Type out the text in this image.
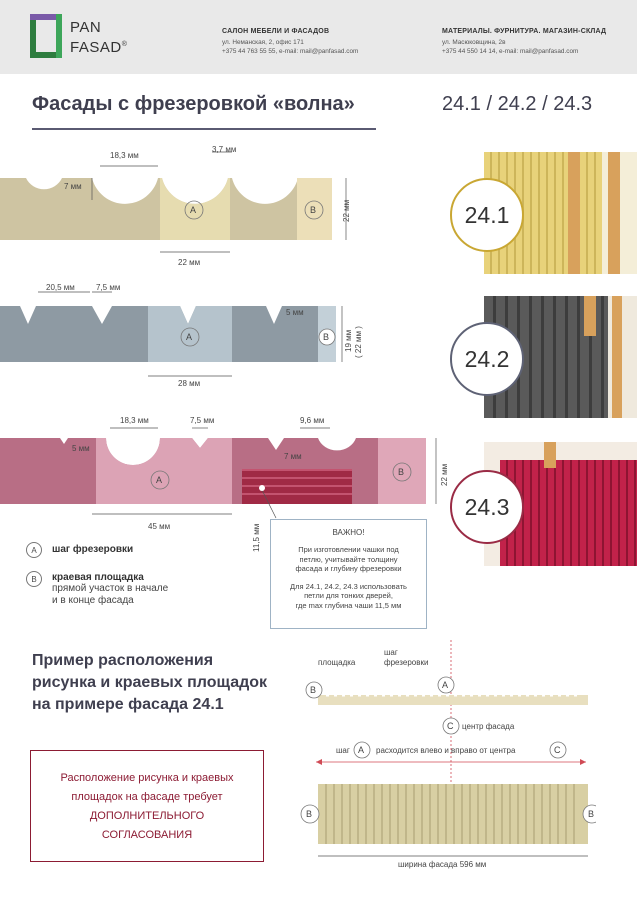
PAN
FASAD®
САЛОН МЕБЕЛИ И ФАСАДОВ
ул. Неманская, 2, офис 171
+375 44 763 55 55, e-mail: mail@panfasad.com
МАТЕРИАЛЫ. ФУРНИТУРА. МАГАЗИН-СКЛАД
ул. Масюковщина, 2в
+375 44 550 14 14, e-mail: mail@panfasad.com
Фасады с фрезеровкой «волна»	24.1 / 24.2 / 24.3
18,3 мм
3,7 мм
7 мм
22 мм
22 мм
A	B	24.1
20,5 мм	7,5 мм
5 мм
28 мм
19 мм ( 22 мм )
A	B
24.2
18,3 мм	7,5 мм	9,6 мм
5 мм
7 мм
45 мм
22 мм
11,5 мм
A
B
24.3
ВАЖНО!
При изготовлении чашки под
петлю, учитывайте толщину
фасада и глубину фрезеровки
Для 24.1, 24.2, 24.3 использовать
петли для тонких дверей,
где max глубина чаши 11,5 мм
A	шаг фрезеровки
B	краевая площадка
прямой участок в начале
и в конце фасада
Пример расположения
рисунка и краевых площадок
на примере фасада 24.1
площадка
шаг
фрезеровки
B	A
C центр фасада
шаг A расходится влево и вправо от центра	C
B	B
ширина фасада 596 мм
Расположение рисунка и краевых
площадок на фасаде требует
ДОПОЛНИТЕЛЬНОГО
СОГЛАСОВАНИЯ
